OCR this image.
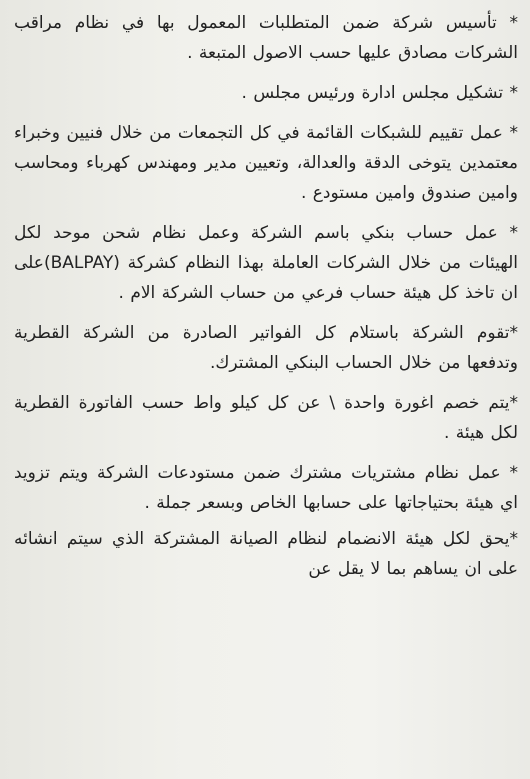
* تأسيس شركة ضمن المتطلبات المعمول بها في نظام مراقب الشركات مصادق عليها حسب الاصول المتبعة .

* تشكيل مجلس ادارة ورئيس مجلس .

* عمل تقييم للشبكات القائمة في كل التجمعات من خلال فنيين وخبراء معتمدين يتوخى الدقة والعدالة، وتعيين مدير ومهندس كهرباء ومحاسب وامين صندوق وامين مستودع .

* عمل حساب بنكي باسم الشركة وعمل نظام شحن موحد لكل الهيئات من خلال الشركات العاملة بهذا النظام كشركة (BALPAY)على ان تاخذ كل هيئة حساب فرعي من حساب الشركة الام .

*تقوم الشركة باستلام كل الفواتير الصادرة من الشركة القطرية وتدفعها من خلال الحساب البنكي المشترك.

*يتم خصم اغورة واحدة \ عن كل كيلو واط حسب الفاتورة القطرية لكل هيئة .

* عمل نظام مشتريات مشترك ضمن مستودعات الشركة ويتم تزويد اي هيئة بحتياجاتها على حسابها الخاص وبسعر جملة .

*يحق لكل هيئة الانضمام لنظام الصيانة المشتركة الذي سيتم انشائه على ان يساهم بما لا يقل عن
